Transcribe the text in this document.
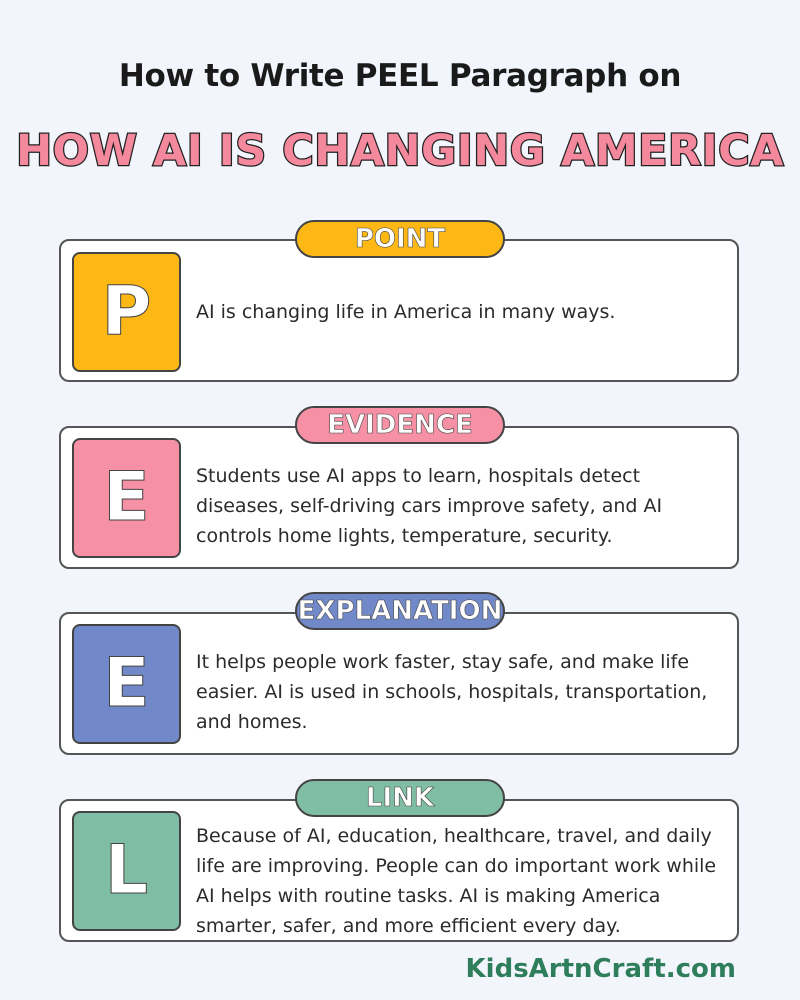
How to Write PEEL Paragraph on
HOW AI IS CHANGING AMERICA
POINT
P	AI is changing life in America in many ways.
EVIDENCE
E	Students use AI apps to learn, hospitals detect diseases, self-driving cars improve safety, and AI controls home lights, temperature, security.
EXPLANATION
E	It helps people work faster, stay safe, and make life easier. AI is used in schools, hospitals, transportation, and homes.
LINK
L	Because of AI, education, healthcare, travel, and daily life are improving. People can do important work while AI helps with routine tasks. AI is making America smarter, safer, and more efficient every day.
KidsArtnCraft.com
